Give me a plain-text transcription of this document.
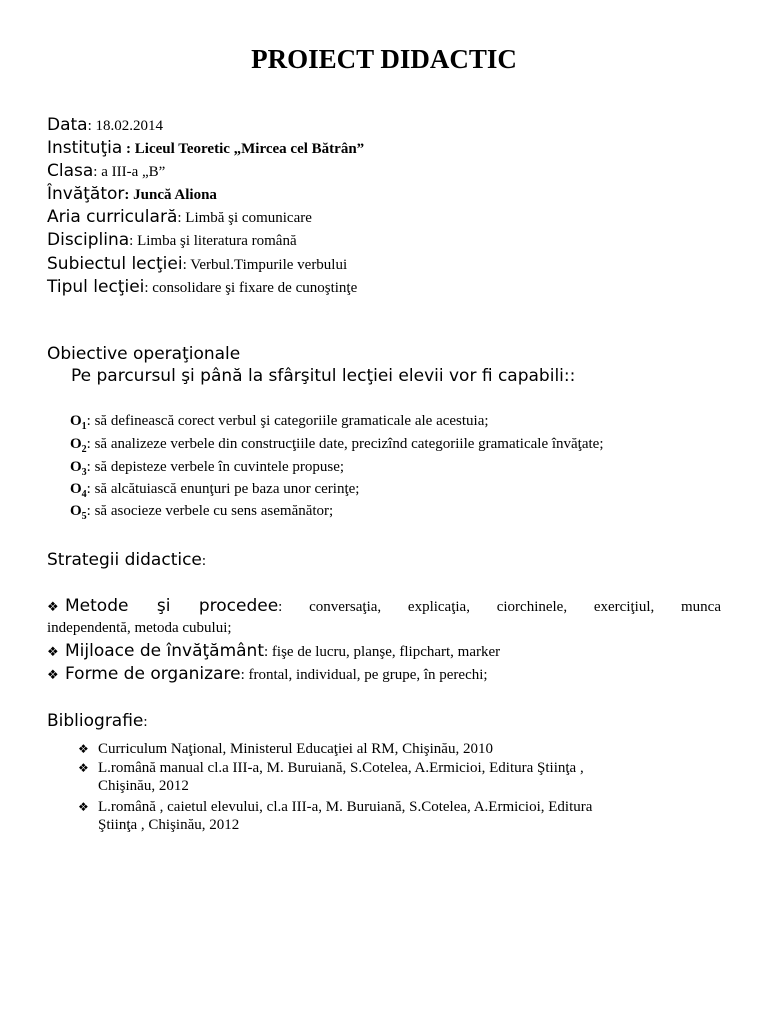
PROIECT DIDACTIC
Data: 18.02.2014
Instituţia : Liceul Teoretic „Mircea cel Bătrân”
Clasa: a III-a „B”
Învăţător: Juncă Aliona
Aria curriculară: Limbă şi comunicare
Disciplina: Limba şi literatura română
Subiectul lecţiei: Verbul.Timpurile verbului
Tipul lecţiei: consolidare şi fixare de cunoştinţe
Obiective operaţionale
Pe parcursul şi până la sfârşitul lecţiei elevii vor fi capabili::
$O_1$: să definească corect verbul şi categoriile gramaticale ale acestuia;
$O_2$: să analizeze verbele din construcţiile date, precizînd categoriile gramaticale învăţate;
$O_3$: să depisteze verbele în cuvintele propuse;
$O_4$: să alcătuiască enunţuri pe baza unor cerinţe;
$O_5$: să asocieze verbele cu sens asemănător;
Strategii didactice:
❖ Metode şi procedee: conversaţia, explicaţia, ciorchinele, exerciţiul, munca
independentă, metoda cubului;
❖ Mijloace de învăţământ: fişe de lucru, planşe, flipchart, marker
❖ Forme de organizare: frontal, individual, pe grupe, în perechi;
Bibliografie:
❖ Curriculum Naţional, Ministerul Educaţiei al RM, Chişinău, 2010
❖ L.română manual cl.a III-a, M. Buruiană, S.Cotelea, A.Ermicioi, Editura Ştiinţa ,
Chişinău, 2012
❖ L.română , caietul elevului, cl.a III-a, M. Buruiană, S.Cotelea, A.Ermicioi, Editura
Ştiinţa , Chişinău, 2012
